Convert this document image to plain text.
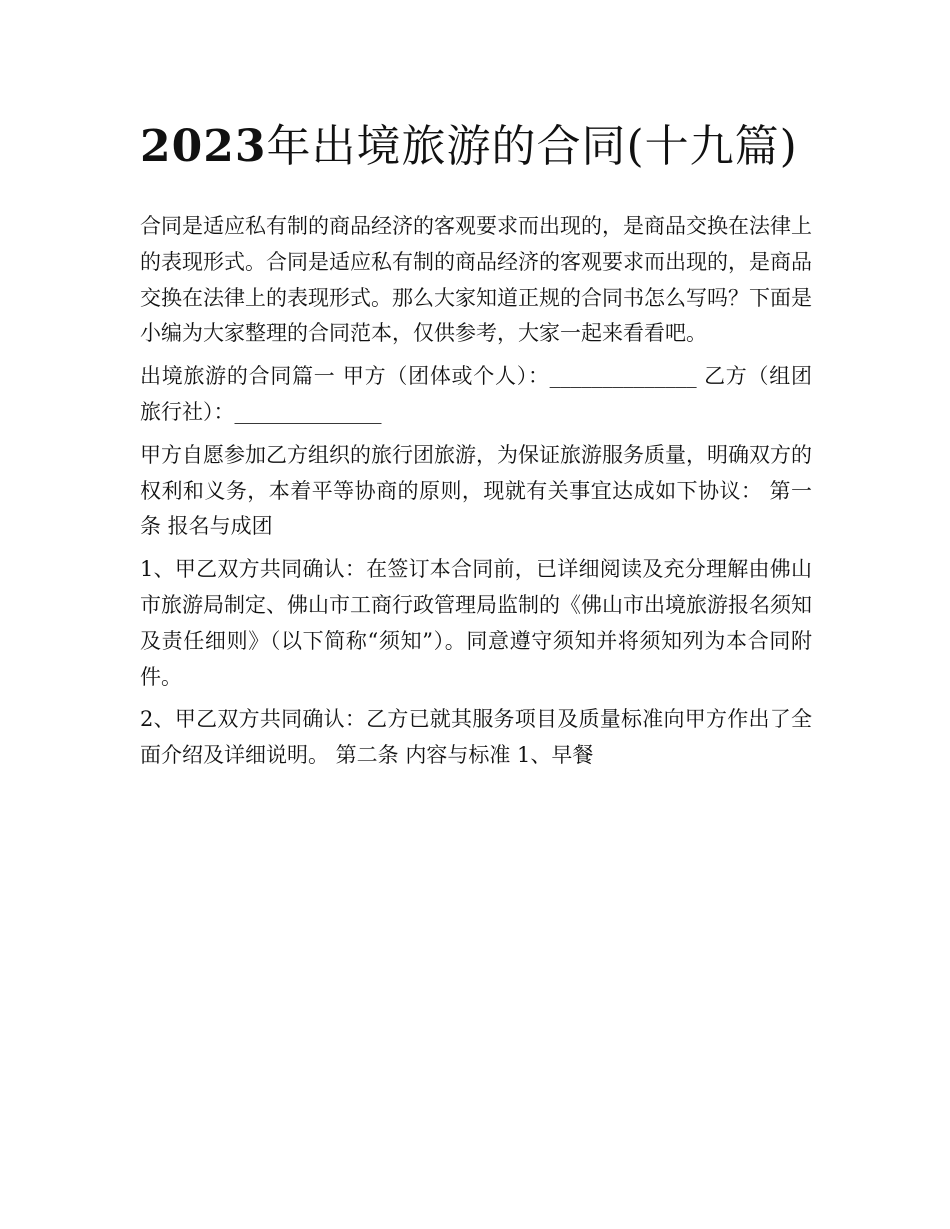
2023年出境旅游的合同(十九篇)

合同是适应私有制的商品经济的客观要求而出现的，是商品交换在法律上的表现形式。合同是适应私有制的商品经济的客观要求而出现的，是商品交换在法律上的表现形式。那么大家知道正规的合同书怎么写吗？下面是小编为大家整理的合同范本，仅供参考，大家一起来看看吧。

出境旅游的合同篇一 甲方（团体或个人）：______________ 乙方（组团旅行社）：______________

甲方自愿参加乙方组织的旅行团旅游，为保证旅游服务质量，明确双方的权利和义务，本着平等协商的原则，现就有关事宜达成如下协议： 第一条 报名与成团

1、甲乙双方共同确认：在签订本合同前，已详细阅读及充分理解由佛山市旅游局制定、佛山市工商行政管理局监制的《佛山市出境旅游报名须知及责任细则》（以下简称“须知”）。同意遵守须知并将须知列为本合同附件。

2、甲乙双方共同确认：乙方已就其服务项目及质量标准向甲方作出了全面介绍及详细说明。 第二条 内容与标准 1、早餐
